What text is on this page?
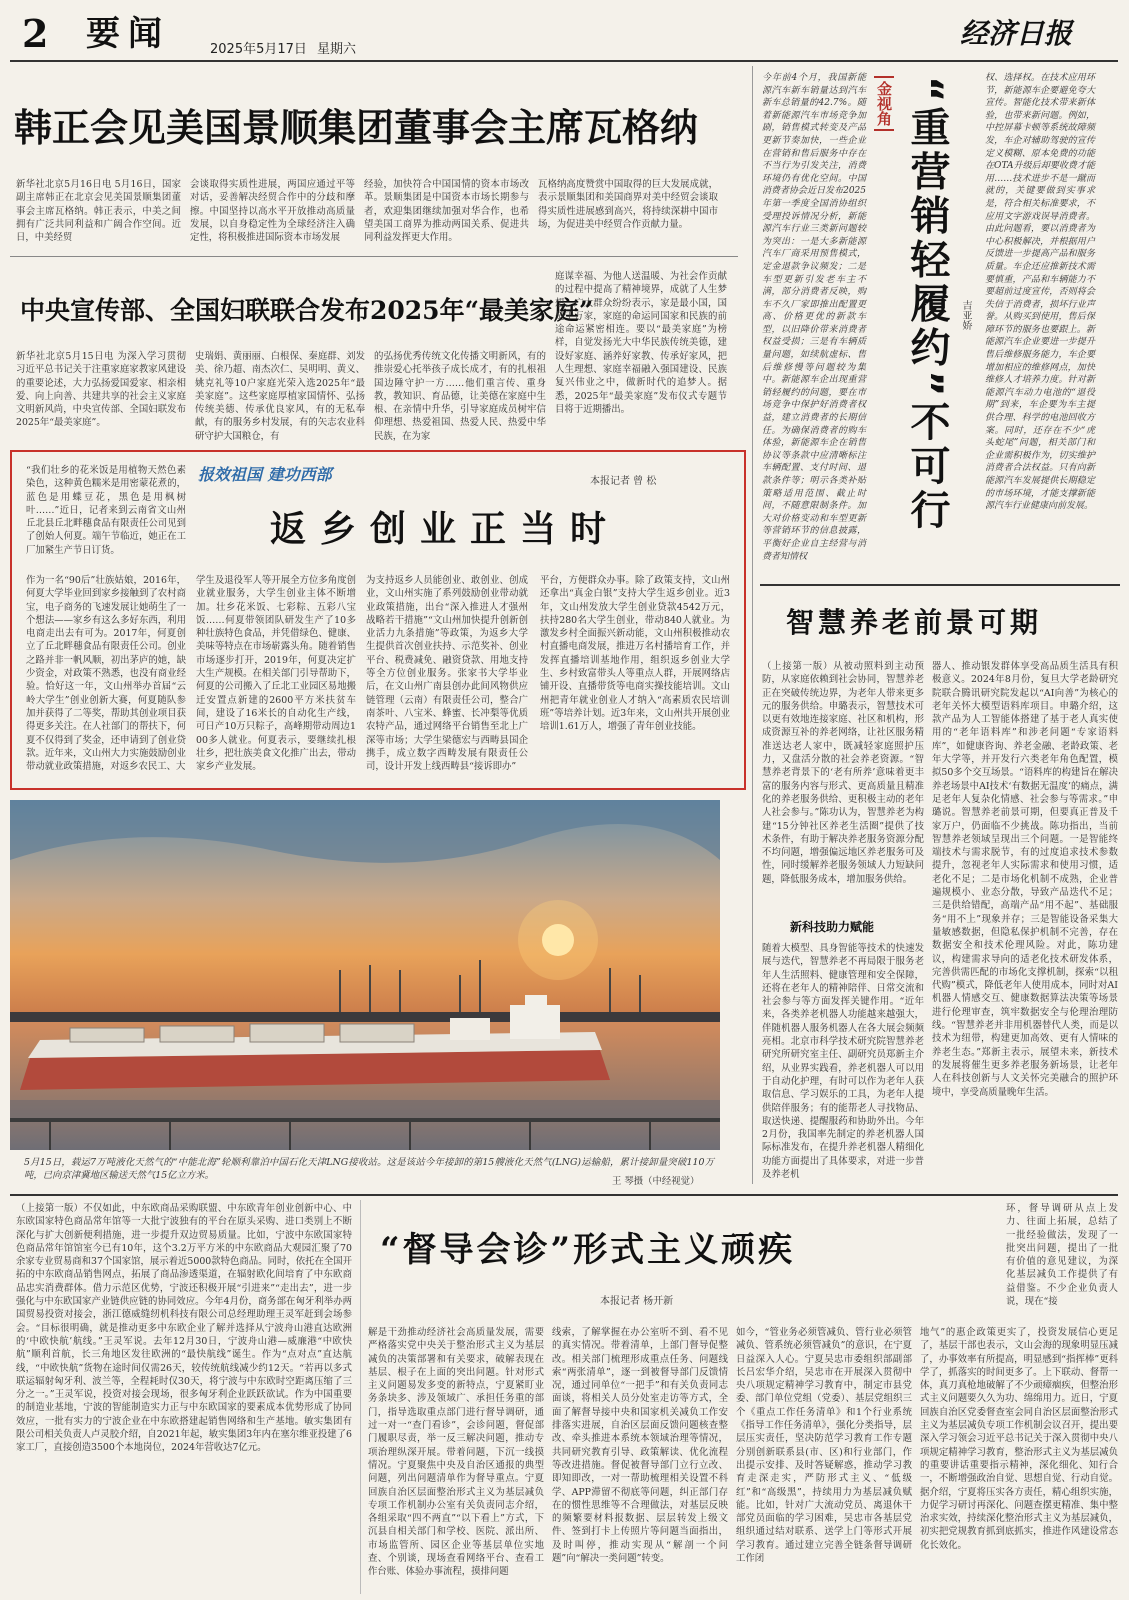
2 要闻	2025年5月17日 星期六	经济日报
韩正会见美国景顺集团董事会主席瓦格纳
新华社北京5月16日电 5月16日，国家副主席韩正在北京会见美国景顺集团董事会主席瓦格纳。韩正表示，中美之间拥有广泛共同利益和广阔合作空间。近日，中美经贸
会谈取得实质性进展，两国应通过平等对话，妥善解决经贸合作中的分歧和摩擦。中国坚持以高水平开放推动高质量发展，以自身稳定性为全球经济注入确定性，将积极推进国际资本市场发展
经验，加快符合中国国情的资本市场改革。景顺集团是中国资本市场长期参与者，欢迎集团继续加强对华合作，也希望美国工商界为推动两国关系、促进共同利益发挥更大作用。
瓦格纳高度赞赏中国取得的巨大发展成就，表示景顺集团和美国商界对美中经贸会谈取得实质性进展感到高兴，将持续深耕中国市场，为促进美中经贸合作贡献力量。
中央宣传部、全国妇联联合发布2025年“最美家庭”
新华社北京5月15日电 为深入学习贯彻习近平总书记关于注重家庭家教家风建设的重要论述，大力弘扬爱国爱家、相亲相爱、向上向善、共建共享的社会主义家庭文明新风尚，中央宣传部、全国妇联发布2025年“最美家庭”。
史瑞娟、黄丽丽、白根保、秦庭群、刘发美、徐乃超、南杰次仁、吴明明、黄义、姚克礼等10户家庭光荣入选2025年“最美家庭”。这些家庭厚植家国情怀、弘扬传统美德、传承优良家风，有的无私奉献，有的服务乡村发展，有的矢志农业科研守护大国粮仓，有
的弘扬优秀传统文化传播文明新风，有的推崇爱心托举孩子成长成才，有的扎根祖国边陲守护一方……他们重言传、重身教，教知识、育品德，让美德在家庭中生根、在亲情中升华，引导家庭成员树牢信仰理想、热爱祖国、热爱人民、热爱中华民族，在为家
庭谋幸福、为他人送温暖、为社会作贡献的过程中提高了精神境界，成就了人生梦想。广大群众纷纷表示，家是最小国，国是千万家，家庭的命运同国家和民族的前途命运紧密相连。要以“最美家庭”为榜样，自觉发扬光大中华民族传统美德，建设好家庭、涵养好家教、传承好家风，把人生理想、家庭幸福融入强国建设、民族复兴伟业之中，做新时代的追梦人。据悉，2025年“最美家庭”发布仪式专题节目将于近期播出。
报效祖国 建功西部	本报记者 曾 松
返乡创业正当时
“我们壮乡的花米饭是用植物天然色素染色，这种黄色糯米是用密蒙花煮的，蓝色是用蝶豆花，黑色是用枫树叶……”近日，记者来到云南省文山州丘北县丘北畔穗食品有限责任公司见到了创始人何夏。端午节临近，她正在工厂加紧生产节日订货。
作为一名“90后”壮族姑娘，2016年，何夏大学毕业回到家乡接触到了农村商宝，电子商务的飞速发展让她萌生了一个想法——家乡有这么多好东西，利用电商走出去有可为。2017年，何夏创立了丘北畔穗食品有限责任公司。创业之路并非一帆风顺，初出茅庐的她，缺少资金，对政策不熟悉，也没有商业经验。恰好这一年，文山州举办首届“云岭大学生”创业创新大赛，何夏随队参加并获得了二等奖，帮助其创业项目获得更多关注。在人社部门的帮扶下，何夏不仅得到了奖金，还申请到了创业贷款。近年来，文山州大力实施鼓励创业带动就业政策措施，对返乡农民工、大
学生及退役军人等开展全方位多角度创业就业服务，大学生创业主体不断增加。壮乡花米饭、七彩粽、五彩八宝饭……何夏带领团队研发生产了10多种壮族特色食品，并凭借绿色、健康、美味等特点在市场崭露头角。随着销售市场逐步打开，2019年，何夏决定扩大生产规模。在相关部门引导帮助下，何夏的公司搬入了丘北工业园区易地搬迁安置点新建的2600平方米扶贫车间，建设了16米长的自动化生产线，可日产10万只粽子，高峰期带动周边100多人就业。何夏表示，要继续扎根壮乡，把壮族美食文化推广出去，带动家乡产业发展。
为支持返乡人员能创业、敢创业、创成业，文山州实施了系列鼓励创业带动就业政策措施，出台“深入推进人才强州战略若干措施”“文山州加快提升创新创业活力九条措施”等政策，为返乡大学生提供首次创业扶持、示范奖补、创业平台、税费减免、融资贷款、用地支持等全方位创业服务。张家书大学毕业后，在文山州广南县创办此间风物供应链管理（云南）有限责任公司，整合广南茶叶、八宝米、蜂蜜、长冲梨等优质农特产品，通过网络平台销售至北上广深等市场；大学生梁德宏与西畴县国企携手，成立数字西畴发展有限责任公司，设计开发上线西畴县“接诉即办”
平台，方便群众办事。除了政策支持，文山州还拿出“真金白银”支持大学生返乡创业。近3年，文山州发放大学生创业贷款4542万元，扶持280名大学生创业，带动840人就业。为激发乡村全面振兴新动能，文山州积极推动农村直播电商发展，推进万名村播培育工作，并发挥直播培训基地作用，组织返乡创业大学生、乡村致富带头人等重点人群，开展网络店铺开设、直播带货等电商实操技能培训。文山州把青年就业创业人才纳入“高素质农民培训班”等培养计划。近3年来，文山州共开展创业培训1.61万人，增强了青年创业技能。
5月15日，载运7万吨液化天然气的“中能北海”轮顺利靠泊中国石化天津LNG接收站。这是该站今年接卸的第15艘液化天然气(LNG)运输船，累计接卸量突破110万吨，已向京津冀地区输送天然气15亿立方米。
王 琴摄（中经视觉）
今年前4个月，我国新能源汽车新车销量达到汽车新车总销量的42.7%。随着新能源汽车市场竞争加剧，销售模式转变及产品更新节奏加快，一些企业在营销和售后服务中存在不当行为引发关注，消费环境仍有优化空间。中国消费者协会近日发布2025年第一季度全国消协组织受理投诉情况分析，新能源汽车行业三类新问题较为突出：一是大多新能源汽车厂商采用预售模式，定金退款争议频发；二是车型更新引发老车主不满，部分消费者反映，购车不久厂家即推出配置更高、价格更优的新款车型，以旧降价带来消费者权益受损；三是有车辆质量问题，如续航虚标、售后维修慢等问题较为集中。新能源车企出现重营销轻履约的问题，要在市场竞争中保护好消费者权益，建立消费者的长期信任。为确保消费者的购车体验，新能源车企在销售协议等条款中应清晰标注车辆配置、支付时间、退款条件等；明示各类补贴策略适用范围、截止时间，不随意限制条件。加大对价格变动和车型更新等营销环节的信息披露，平衡好企业自主经营与消费者知情权
金视角 “重营销轻履约”不可行	吉亚娇
权、选择权。在技术应用环节，新能源车企要避免夸大宣传。智能化技术带来新体验，也带来新问题。例如，中控屏幕卡顿等系统故障频发，车企对辅助驾驶的宣传定义模糊、原本免费的功能在OTA升级后却要收费才能用……技术进步不是一蹴而就的，关键要做到实事求是，符合相关标准要求，不应用文字游戏误导消费者。由此问题看，要以消费者为中心积极解决，并根据用户反馈进一步提高产品和服务质量。车企还应推新技术需要慎重，产品和车辆能力不要超前过度宣传，否则将会失信于消费者，损坏行业声誉。从购买到使用，售后保障环节的服务也要跟上。新能源汽车企业要进一步提升售后维修服务能力，车企要增加相应的维修网点，加快维修人才培养力度。针对新能源汽车动力电池的“退役期”到来，车企要为车主提供合理、科学的电池回收方案。同时，还存在不少“虎头蛇尾”问题，相关部门和企业需积极作为，切实维护消费者合法权益。只有向新能源汽车发展提供长期稳定的市场环境，才能支撑新能源汽车行业健康向前发展。
智慧养老前景可期
（上接第一版）从被动照料到主动预防，从家庭依赖到社会协同，智慧养老正在突破传统边界，为老年人带来更多元的服务供给。申璐表示，智慧技术可以更有效地连接家庭、社区和机构，形成资源互补的养老网络，让社区服务精准送达老人家中，既减轻家庭照护压力，又盘活分散的社会养老资源。“智慧养老背景下的‘老有所养’意味着更丰富的服务内容与形式、更高质量且精准化的养老服务供给、更积极主动的老年人社会参与。”陈功认为，智慧养老为构建“15分钟社区养老生活圈”提供了技术条件，有助于解决养老服务资源分配不均问题，增强偏远地区养老服务可及性，同时缓解养老服务领域人力短缺问题，降低服务成本，增加服务供给。
新科技助力赋能
随着大模型、具身智能等技术的快速发展与迭代，智慧养老不再局限于服务老年人生活照料、健康管理和安全保障，还将在老年人的精神陪伴、日常交流和社会参与等方面发挥关键作用。“近年来，各类养老机器人功能越来越强大，伴随机器人服务机器人在各大展会频频亮相。北京市科学技术研究院智慧养老研究所研究室主任、副研究员郑新主介绍，从业界实践看，养老机器人可以用于自动化护理，有时可以作为老年人获取信息、学习娱乐的工具，为老年人提供陪伴服务；有的能帮老人寻找物品、取送快递、提醒服药和协助外出。今年2月份，我国率先制定的养老机器人国际标准发布，在提升养老机器人精细化功能方面提出了具体要求，对进一步普及养老机
器人、推动银发群体享受高品质生活具有积极意义。2024年8月份，复旦大学老龄研究院联合腾讯研究院发起以“AI向善”为核心的老年关怀大模型语料库项目。申璐介绍，这款产品为人工智能体搭建了基于老人真实使用的“老年语料库”和涉老问题“专家语料库”，如健康咨询、养老金融、老龄政策、老年大学等，并开发行六类老年角色配置，模拟50多个交互场景。“语料库的构建旨在解决养老场景中AI技术‘有数据无温度’的痛点，满足老年人复杂化情感、社会参与等需求。”申璐说。智慧养老前景可期，但要真正普及千家万户，仍面临不少挑战。陈功指出，当前智慧养老领域呈现出三个问题。一是智能终端技术与需求脱节，有的过度追求技术参数提升，忽视老年人实际需求和使用习惯，适老化不足；二是市场化机制不成熟，企业普遍规模小、业态分散，导致产品迭代不足；三是供给错配，高端产品“用不起”、基础服务“用不上”现象并存；三是智能设备采集大量敏感数据，但隐私保护机制不完善，存在数据安全和技术伦理风险。对此，陈功建议，构建需求导向的适老化技术研发体系，完善供需匹配的市场化支撑机制，探索“以租代购”模式，降低老年人使用成本，同时对AI机器人情感交互、健康数据算法决策等场景进行伦理审查，筑牢数据安全与伦理治理防线。“智慧养老并非用机器替代人类，而是以技术为纽带，构建更加高效、更有人情味的养老生态。”郑新主表示，展望未来，新技术的发展将催生更多养老服务新场景，让老年人在科技创新与人文关怀完美融合的照护环境中，享受高质量晚年生活。
（上接第一版）不仅如此，中东欧商品采购联盟、中东欧青年创业创新中心、中东欧国家特色商品常年馆等一大批宁波独有的平台在原头采购、进口类别上不断深化与扩大创新便利措施，进一步提升双边贸易质量。比如，宁波中东欧国家特色商品常年馆馆室今已有10年，这个3.2万平方米的中东欧商品大观园汇聚了70余家专业贸易商和37个国家馆，展示着近5000款特色商品。同时，依托在全国开拓的中东欧商品销售网点，拓展了商品渗透渠道，在辐射欧化间培育了中东欧商品忠实消费群体。借力示范区优势，宁波还积极开展“引进来”“走出去”，进一步强化与中东欧国家产业链供应链的协同效应。今年4月份，商务部在匈牙利举办两国贸易投资对接会，浙江德威缝纫机科技有限公司总经理助理王灵军赶到会场参会。“目标很明确，就是推动更多中东欧企业了解并选择从宁波舟山港直达欧洲的‘中欧快航’航线。”王灵军说。去年12月30日，宁波舟山港—威廉港“中欧快航”顺利首航，长三角地区发往欧洲的“最快航线”诞生。作为“点对点”直达航线，“中欧快航”货物在途时间仅需26天，较传统航线减少约12天。“若再以多式联运辐射匈牙利、波兰等，全程耗时仅30天，将宁波与中东欧时空距离压缩了三分之一。”王灵军说，投资对接会现场，很多匈牙利企业跃跃欲试。作为中国重要的制造业基地，宁波的智能制造实力正与中东欧国家的要素成本优势形成了协同效应，一批有实力的宁波企业在中东欧搭建起销售网络和生产基地。敏实集团有限公司相关负责人卢灵胶介绍，自2021年起，敏实集团3年内在塞尔维亚投建了6家工厂，直接创造3500个本地岗位，2024年营收达7亿元。
“督导会诊”形式主义顽疾
本报记者 杨开新
环，督导调研从点上发力、往面上拓展，总结了一批经验做法，发现了一批突出问题，提出了一批有价值的意见建议，为深化基层减负工作提供了有益借鉴。不少企业负责人说，现在“接
解是干劲推动经济社会高质量发展，需要严格落实党中央关于整治形式主义为基层减负的决策部署和有关要求，破解表现在基层、根子在上面的突出问题。针对形式主义问题易发多变的新特点，宁夏紧盯业务条块多、涉及领域广、承担任务重的部门，指导选取重点部门进行督导调研，通过一对一“查门看诊”，会诊问题，督促部门履职尽责，举一反三解决问题，推动专项治理纵深开展。带着问题，下沉一线摸情况。宁夏聚焦中央及自治区通报的典型问题，列出问题清单作为督导重点。宁夏回族自治区层面整治形式主义为基层减负专项工作机制办公室有关负责同志介绍，各组采取“四不两直”“以下看上”方式，下沉县自相关部门和学校、医院、派出所、市场监管所、园区企业等基层单位实地查、个别谈，现场查看网络平台、查看工作台账、体验办事流程，摸排问题
线索，了解掌握在办公室听不到、看不见的真实情况。带着清单，上部门督导促整改。相关部门梳理形成重点任务、问题线索“两张清单”，逐一到被督导部门反馈情况，通过同单位“一把手”和有关负责同志面谈，将相关人员分处室走访等方式，全面了解督导接中央和国家机关减负工作安排落实进展，自治区层面反馈问题核查整改、牵头推进本系统本领域治理等情况，共同研究教育引导、政策解读、优化流程等改进措施。督促被督导部门立行立改、即知即改，一对一帮助梳理相关设置不科学、APP滞留不彻底等问题，纠正部门存在的惯性思维等不合理做法，对基层反映的频繁要材料报数据、层层转发上级文件、签到打卡上传照片等问题当面指出，及时叫停，推动实现从“解剖一个问题”向“解决一类问题”转变。
如今，“管业务必须管减负、管行业必须管减负、管系统必须管减负”的意识，在宁夏日益深入人心。宁夏吴忠市委组织部副部长吕宏华介绍，吴忠市在开展深入贯彻中央八项规定精神学习教育中，制定市县党委、部门单位党组（党委）、基层党组织三个《重点工作任务清单》和1个行业系统《指导工作任务清单》，强化分类指导，层层压实责任，坚决防范学习教育工作专题分别创新联系县(市、区)和行业部门，作出提示安排、及时答疑解惑，推动学习教育走深走实，严防形式主义、“低级红”和“高级黑”，持续用力为基层减负赋能。比如，针对广大流动党员、离退休干部党员面临的学习困难，吴忠市各基层党组织通过结对联系、送学上门等形式开展学习教育。通过建立完善全链条督导调研工作闭
地气”的惠企政策更实了，投资发展信心更足了，基层干部也表示，文山会海的现象明显压减了，办事效率有所提高，明显感到“指挥棒”更科学了，抓落实的时间更多了。上下联动、督帮一体，真刀真枪地破解了不少顽瘴痼疾，但整治形式主义问题要久久为功、绵绵用力。近日，宁夏回族自治区党委督查室会同自治区层面整治形式主义为基层减负专项工作机制会议召开，提出要深入学习领会习近平总书记关于深入贯彻中央八项规定精神学习教育，整治形式主义为基层减负的重要讲话重要指示精神，深化细化、知行合一，不断增强政治自觉、思想自觉、行动自觉。据介绍，宁夏将压实各方责任，精心组织实施，力促学习研讨再深化、问题查摆更精准、集中整治求实效，持续深化整治形式主义为基层减负，初实把党规教育抓到底抓实，推进作风建设常态化长效化。
